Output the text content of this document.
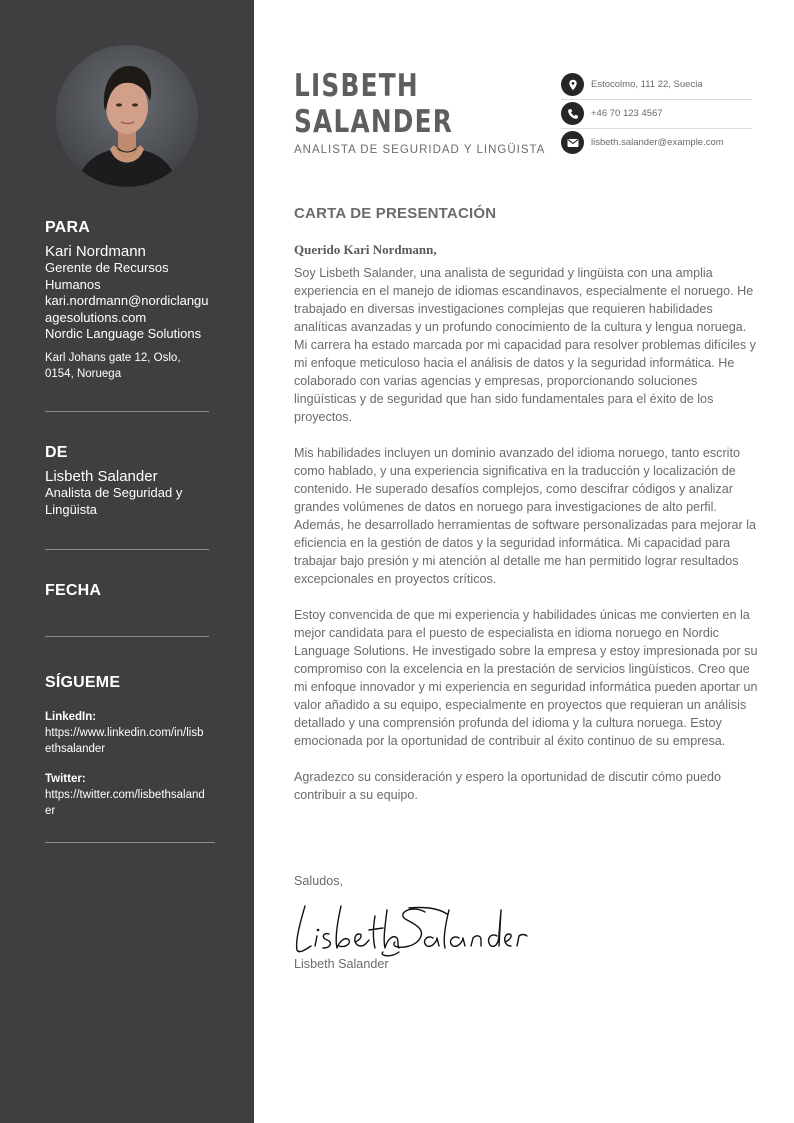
PARA
Kari Nordmann
Gerente de Recursos Humanos
kari.nordmann@nordiclanguagesolutions.com
Nordic Language Solutions
Karl Johans gate 12, Oslo, 0154, Noruega
DE
Lisbeth Salander
Analista de Seguridad y Lingüista
FECHA
SÍGUEME
LinkedIn:
https://www.linkedin.com/in/lisbethsalander
Twitter:
https://twitter.com/lisbethsalander
LISBETH
SALANDER
ANALISTA DE SEGURIDAD Y LINGÜISTA
Estocolmo, 111 22, Suecia
+46 70 123 4567
lisbeth.salander@example.com
CARTA DE PRESENTACIÓN
Querido Kari Nordmann,

Soy Lisbeth Salander, una analista de seguridad y lingüista con una amplia experiencia en el manejo de idiomas escandinavos, especialmente el noruego. He trabajado en diversas investigaciones complejas que requieren habilidades analíticas avanzadas y un profundo conocimiento de la cultura y lengua noruega. Mi carrera ha estado marcada por mi capacidad para resolver problemas difíciles y mi enfoque meticuloso hacia el análisis de datos y la seguridad informática. He colaborado con varias agencias y empresas, proporcionando soluciones lingüísticas y de seguridad que han sido fundamentales para el éxito de los proyectos.

Mis habilidades incluyen un dominio avanzado del idioma noruego, tanto escrito como hablado, y una experiencia significativa en la traducción y localización de contenido. He superado desafíos complejos, como descifrar códigos y analizar grandes volúmenes de datos en noruego para investigaciones de alto perfil. Además, he desarrollado herramientas de software personalizadas para mejorar la eficiencia en la gestión de datos y la seguridad informática. Mi capacidad para trabajar bajo presión y mi atención al detalle me han permitido lograr resultados excepcionales en proyectos críticos.

Estoy convencida de que mi experiencia y habilidades únicas me convierten en la mejor candidata para el puesto de especialista en idioma noruego en Nordic Language Solutions. He investigado sobre la empresa y estoy impresionada por su compromiso con la excelencia en la prestación de servicios lingüísticos. Creo que mi enfoque innovador y mi experiencia en seguridad informática pueden aportar un valor añadido a su equipo, especialmente en proyectos que requieran un análisis detallado y una comprensión profunda del idioma y la cultura noruega. Estoy emocionada por la oportunidad de contribuir al éxito continuo de su empresa.

Agradezco su consideración y espero la oportunidad de discutir cómo puedo contribuir a su equipo.

Saludos,
Lisbeth Salander
